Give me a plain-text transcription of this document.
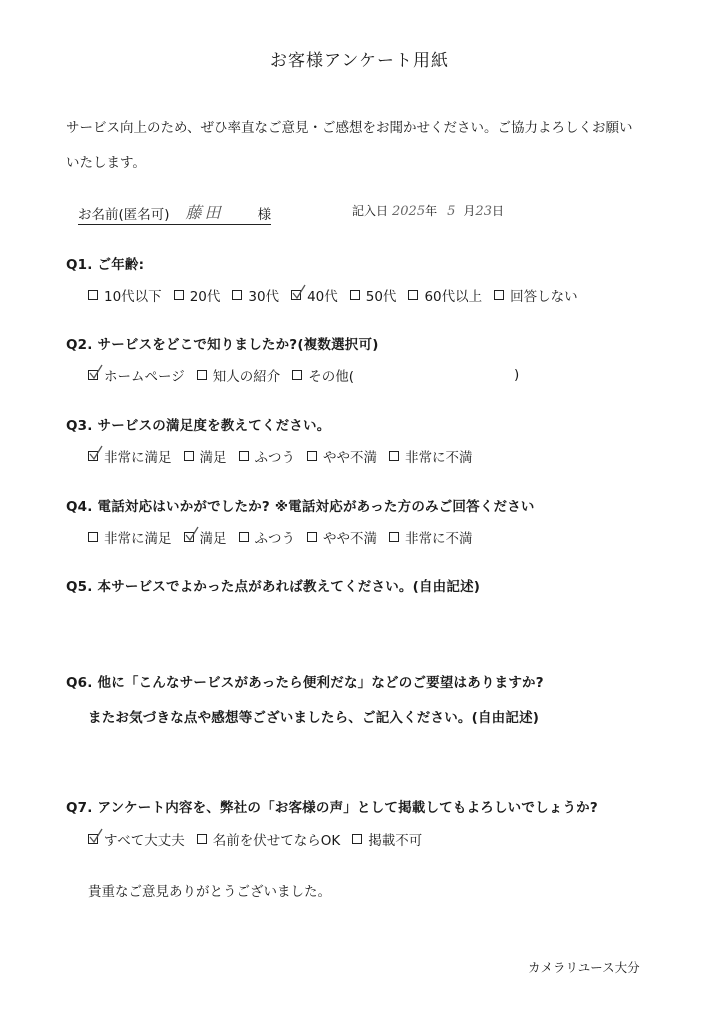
お客様アンケート用紙
サービス向上のため、ぜひ率直なご意見・ご感想をお聞かせください。ご協力よろしくお願い
いたします。
お名前(匿名可) 藤田	様	記入日 2025 年 5 月 23 日
Q1. ご年齢:
10代以下 20代 30代 40代 50代 60代以上 回答しない
Q2. サービスをどこで知りましたか?(複数選択可)
ホームページ 知人の紹介 その他(	)
Q3. サービスの満足度を教えてください。
非常に満足 満足 ふつう やや不満 非常に不満
Q4. 電話対応はいかがでしたか? ※電話対応があった方のみご回答ください
非常に満足 満足 ふつう やや不満 非常に不満
Q5. 本サービスでよかった点があれば教えてください。(自由記述)
Q6. 他に「こんなサービスがあったら便利だな」などのご要望はありますか?
またお気づきな点や感想等ございましたら、ご記入ください。(自由記述)
Q7. アンケート内容を、弊社の「お客様の声」として掲載してもよろしいでしょうか?
すべて大丈夫 名前を伏せてならOK 掲載不可
貴重なご意見ありがとうございました。
カメラリユース大分
